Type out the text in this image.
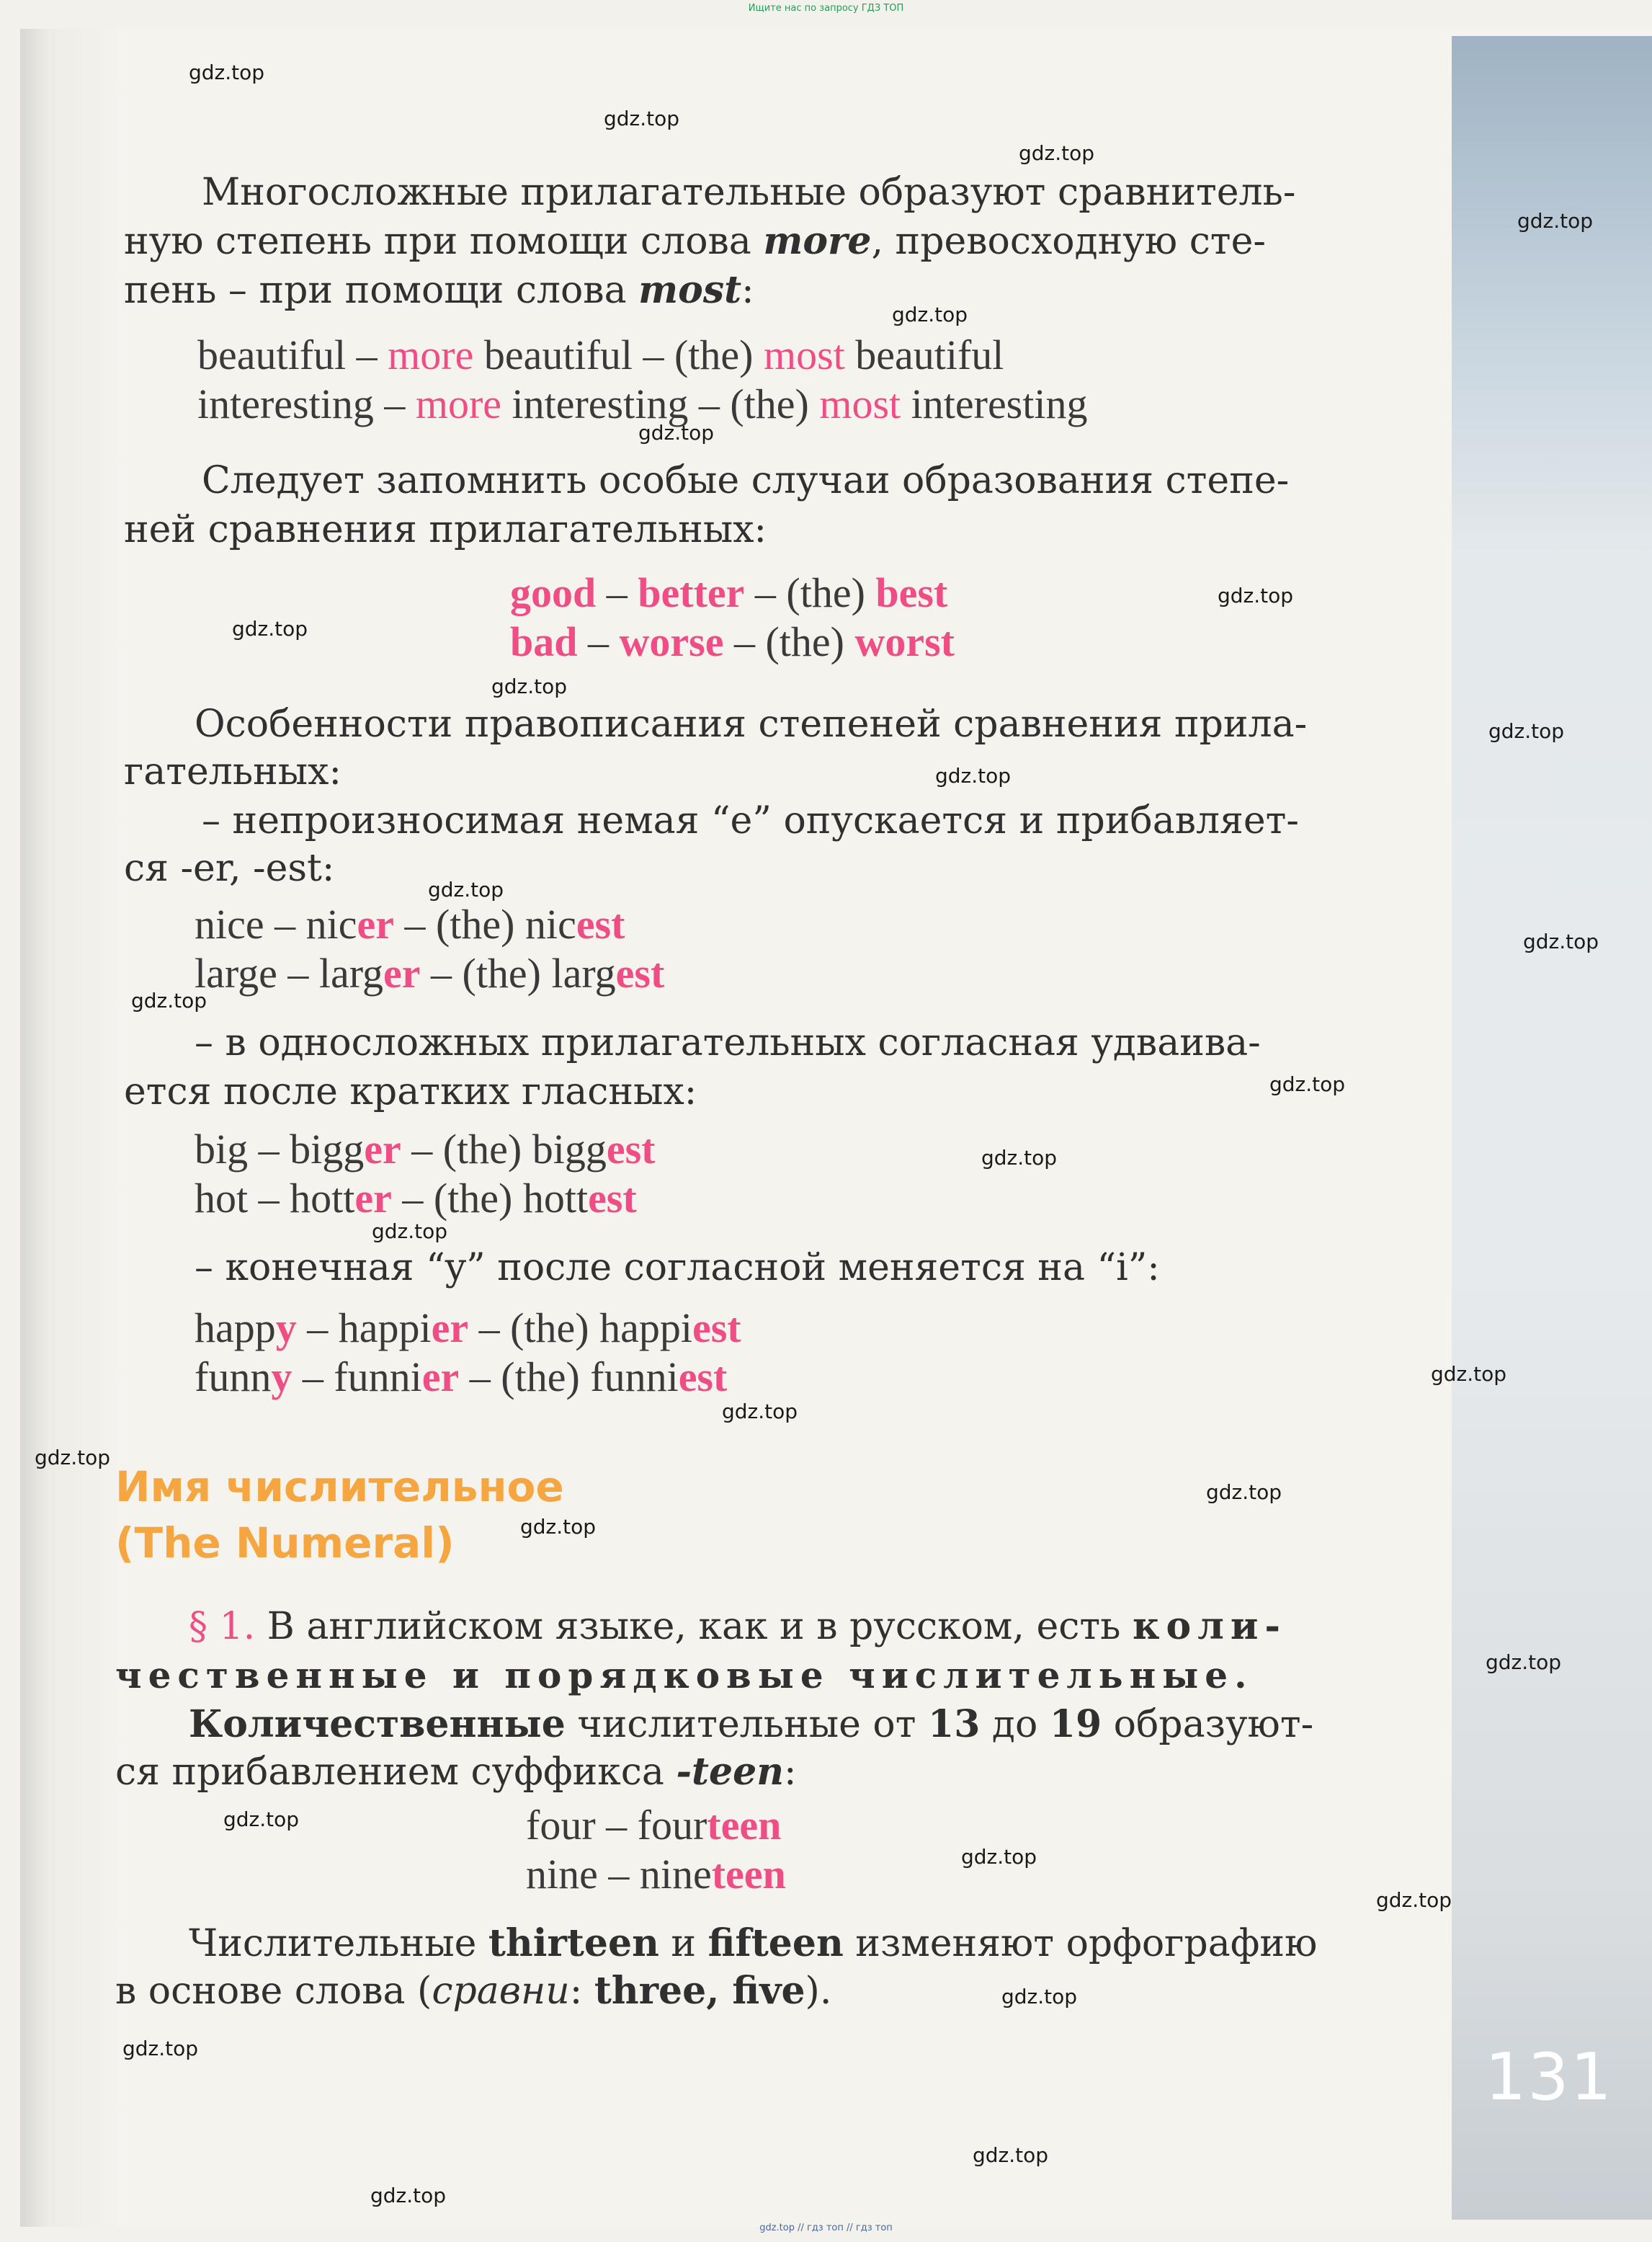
131
Ищите нас по запросу ГДЗ ТОП
gdz.top // гдз топ // гдз топ
Многосложные прилагательные образуют сравнитель-
ную степень при помощи слова more, превосходную сте-
пень – при помощи слова most:
beautiful – more beautiful – (the) most beautiful
interesting – more interesting – (the) most interesting
Следует запомнить особые случаи образования степе-
ней сравнения прилагательных:
good – better – (the) best
bad – worse – (the) worst
Особенности правописания степеней сравнения прила-
гательных:
– непроизносимая немая “e” опускается и прибавляет-
ся -er, -est:
nice – nicer – (the) nicest
large – larger – (the) largest
– в односложных прилагательных согласная удваива-
ется после кратких гласных:
big – bigger – (the) biggest
hot – hotter – (the) hottest
– конечная “y” после согласной меняется на “i”:
happy – happier – (the) happiest
funny – funnier – (the) funniest
Имя числительное
(The Numeral)
§ 1. В английском языке, как и в русском, есть коли-
чественные и порядковые числительные.
Количественные числительные от 13 до 19 образуют-
ся прибавлением суффикса -teen:
four – fourteen
nine – nineteen
Числительные thirteen и fifteen изменяют орфографию
в основе слова (сравни: three, five).
gdz.top
gdz.top
gdz.top
gdz.top
gdz.top
gdz.top
gdz.top
gdz.top
gdz.top
gdz.top
gdz.top
gdz.top
gdz.top
gdz.top
gdz.top
gdz.top
gdz.top
gdz.top
gdz.top
gdz.top
gdz.top
gdz.top
gdz.top
gdz.top
gdz.top
gdz.top
gdz.top
gdz.top
gdz.top
gdz.top
